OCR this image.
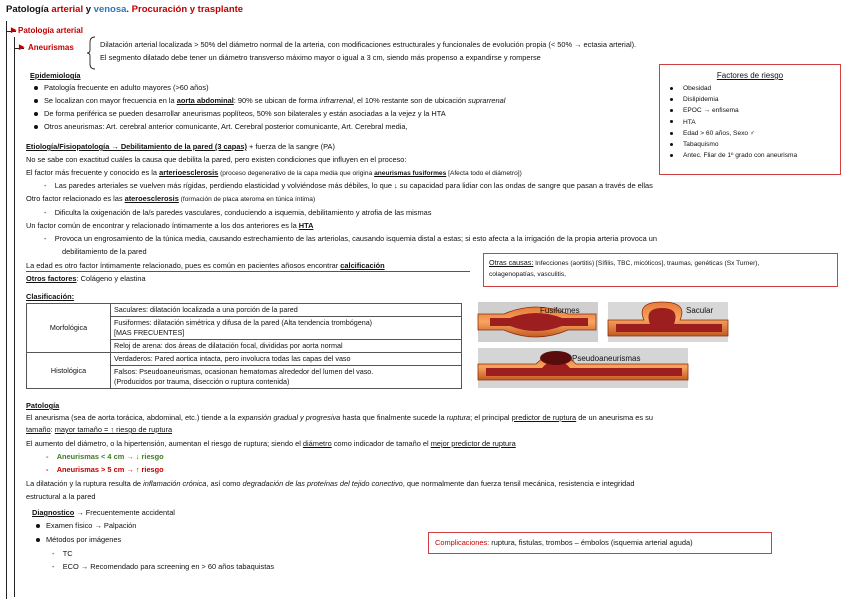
Patología arterial y venosa. Procuración y trasplante
▶
▶
Patología arterial
Aneurismas	Dilatación arterial localizada > 50% del diámetro normal de la arteria, con modificaciones estructurales y funcionales de evolución propia (< 50% → ectasia arterial).
El segmento dilatado debe tener un diámetro transverso máximo mayor o igual a 3 cm, siendo más propenso a expandirse y romperse
Epidemiología
Patología frecuente en adulto mayores (>60 años)
Se localizan con mayor frecuencia en la aorta abdominal: 90% se ubican de forma infrarrenal, el 10% restante son de ubicación suprarrenal
De forma periférica se pueden desarrollar aneurismas poplíteos, 50% son bilaterales y están asociadas a la vejez y la HTA
Otros aneurismas: Art. cerebral anterior comunicante, Art. Cerebral posterior comunicante, Art. Cerebral media,
Factores de riesgo
Obesidad
Dislipidemia
EPOC → enfisema
HTA
Edad > 60 años, Sexo ♂
Tabaquismo
Antec. Fliar de 1º grado con aneurisma
Etiología/Fisiopatología → Debilitamiento de la pared (3 capas) + fuerza de la sangre (PA)
No se sabe con exactitud cuáles la causa que debilita la pared, pero existen condiciones que influyen en el proceso:
El factor más frecuente y conocido es la arterioesclerosis (proceso degenerativo de la capa media que origina aneurismas fusiformes [Afecta todo el diámetro])
-    Las paredes arteriales se vuelven más rígidas, perdiendo elasticidad y volviéndose más débiles, lo que ↓ su capacidad para lidiar con las ondas de sangre que pasan a través de ellas
Otro factor relacionado es las ateroesclerosis (formación de placa ateroma en túnica íntima)
-    Dificulta la oxigenación de la/s paredes vasculares, conduciendo a isquemia, debilitamiento y atrofia de las mismas
Un factor común de encontrar y relacionado íntimamente a los dos anteriores es la HTA
-    Provoca un engrosamiento de la túnica media, causando estrechamiento de las arteriolas, causando isquemia distal a estas; si esto afecta a la irrigación de la propia arteria provoca un
debilitamiento de la pared
La edad es otro factor íntimamente relacionado, pues es común en pacientes añosos encontrar calcificación
Otros factores: Colágeno y elastina
Otras causas: Infecciones (aortitis) [Sífilis, TBC, micóticos], traumas, genéticas (Sx Turner),
colagenopatías, vasculitis,
Clasificación:
Morfológica	Saculares: dilatación localizada a una porción de la pared

	Fusiformes: dilatación simétrica y difusa de la pared (Alta tendencia trombógena)
[MAS FRECUENTES]

	Reloj de arena: dos áreas de dilatación focal, divididas por aorta normal
Histológica	Verdaderos: Pared aortica intacta, pero involucra todas las capas del vaso

	Falsos: Pseudoaneurismas, ocasionan hematomas alrededor del lumen del vaso.
(Producidos por trauma, disección o ruptura contenida)
Fusiformes	Sacular
Pseudoaneurismas
Patología
El aneurisma (sea de aorta torácica, abdominal, etc.) tiende a la expansión gradual y progresiva hasta que finalmente sucede la ruptura; el principal predictor de ruptura de un aneurisma es su
tamaño: mayor tamaño = ↑ riesgo de ruptura
El aumento del diámetro, o la hipertensión, aumentan el riesgo de ruptura; siendo el diámetro como indicador de tamaño el mejor predictor de ruptura
-    Aneurismas < 4 cm → ↓ riesgo
-    Aneurismas > 5 cm → ↑ riesgo
La dilatación y la ruptura resulta de inflamación crónica, así como degradación de las proteínas del tejido conectivo, que normalmente dan fuerza tensil mecánica, resistencia e integridad
estructural a la pared
Diagnostico → Frecuentemente accidental
Examen físico → Palpación
Métodos por imágenes
-    TC
-    ECO → Recomendado para screening en > 60 años tabaquistas
Complicaciones: ruptura, fistulas, trombos – émbolos (isquemia arterial aguda)
